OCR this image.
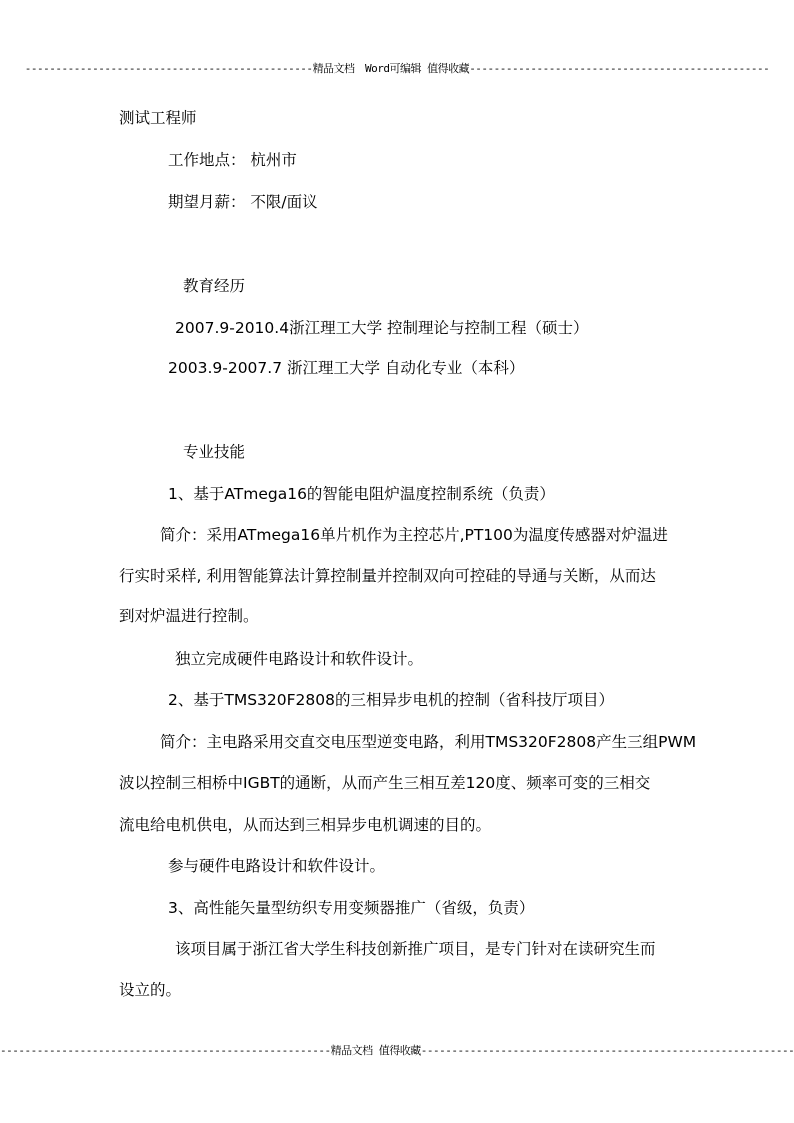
-----------------------------------------------精品文档　Word可编辑 值得收藏-------------------------------------------------
测试工程师
工作地点： 杭州市
期望月薪： 不限/面议
教育经历
2007.9-2010.4浙江理工大学 控制理论与控制工程（硕士）
2003.9-2007.7 浙江理工大学 自动化专业（本科）
专业技能
1、基于ATmega16的智能电阻炉温度控制系统（负责）
简介：采用ATmega16单片机作为主控芯片,PT100为温度传感器对炉温进
行实时采样, 利用智能算法计算控制量并控制双向可控硅的导通与关断，从而达
到对炉温进行控制。
独立完成硬件电路设计和软件设计。
2、基于TMS320F2808的三相异步电机的控制（省科技厅项目）
简介：主电路采用交直交电压型逆变电路，利用TMS320F2808产生三组PWM
波以控制三相桥中IGBT的通断，从而产生三相互差120度、频率可变的三相交
流电给电机供电，从而达到三相异步电机调速的目的。
参与硬件电路设计和软件设计。
3、高性能矢量型纺织专用变频器推广（省级，负责）
该项目属于浙江省大学生科技创新推广项目，是专门针对在读研究生而
设立的。
------------------------------------------------------精品文档 值得收藏-------------------------------------------------------------
